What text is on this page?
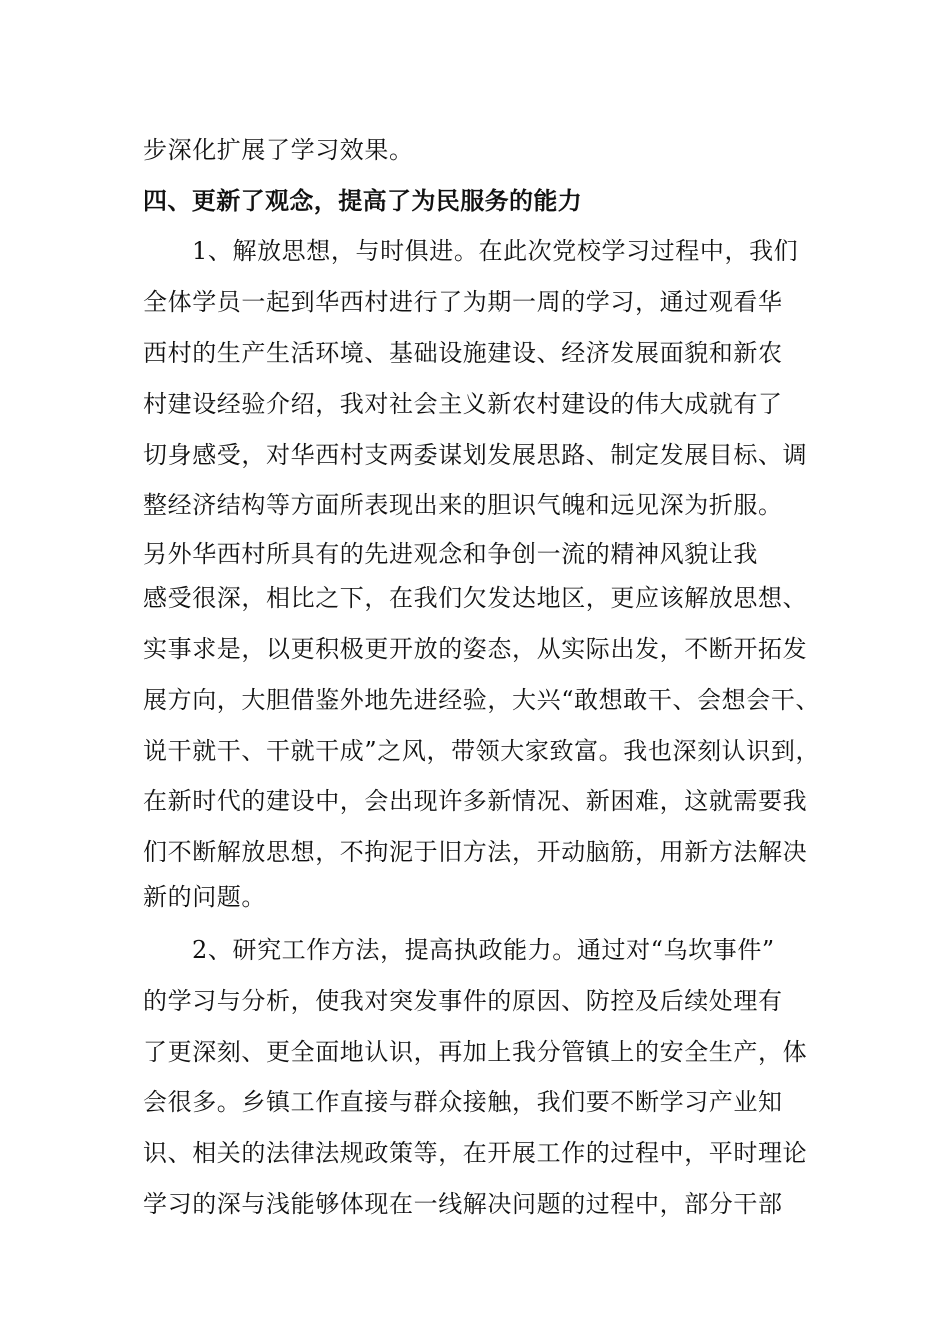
步深化扩展了学习效果。
四、更新了观念，提高了为民服务的能力
1、解放思想，与时俱进。在此次党校学习过程中，我们
全体学员一起到华西村进行了为期一周的学习，通过观看华
西村的生产生活环境、基础设施建设、经济发展面貌和新农
村建设经验介绍，我对社会主义新农村建设的伟大成就有了
切身感受，对华西村支两委谋划发展思路、制定发展目标、调
整经济结构等方面所表现出来的胆识气魄和远见深为折服。
另外华西村所具有的先进观念和争创一流的精神风貌让我
感受很深，相比之下，在我们欠发达地区，更应该解放思想、
实事求是，以更积极更开放的姿态，从实际出发，不断开拓发
展方向，大胆借鉴外地先进经验，大兴“敢想敢干、会想会干、
说干就干、干就干成”之风，带领大家致富。我也深刻认识到，
在新时代的建设中，会出现许多新情况、新困难，这就需要我
们不断解放思想，不拘泥于旧方法，开动脑筋，用新方法解决
新的问题。
2、研究工作方法，提高执政能力。通过对“乌坎事件”
的学习与分析，使我对突发事件的原因、防控及后续处理有
了更深刻、更全面地认识，再加上我分管镇上的安全生产，体
会很多。乡镇工作直接与群众接触，我们要不断学习产业知
识、相关的法律法规政策等，在开展工作的过程中，平时理论
学习的深与浅能够体现在一线解决问题的过程中，部分干部
